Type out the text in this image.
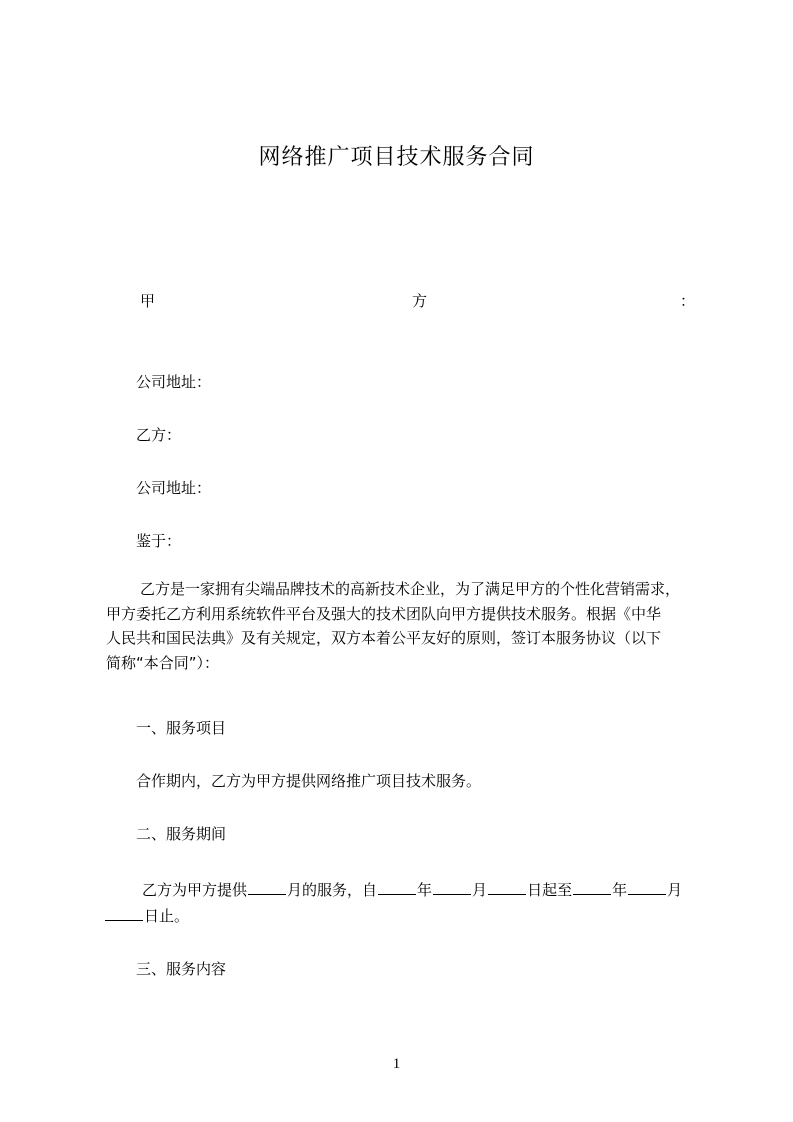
网络推广项目技术服务合同
甲	方	：
公司地址：
乙方：
公司地址：
鉴于：
乙方是一家拥有尖端品牌技术的高新技术企业，为了满足甲方的个性化营销需求，
甲方委托乙方利用系统软件平台及强大的技术团队向甲方提供技术服务。根据《中华
人民共和国民法典》及有关规定，双方本着公平友好的原则，签订本服务协议（以下
简称“本合同”）：
一、服务项目
合作期内，乙方为甲方提供网络推广项目技术服务。
二、服务期间
乙方为甲方提供	月的服务，自	年	月	日起至	年	月
日止。
三、服务内容
1
